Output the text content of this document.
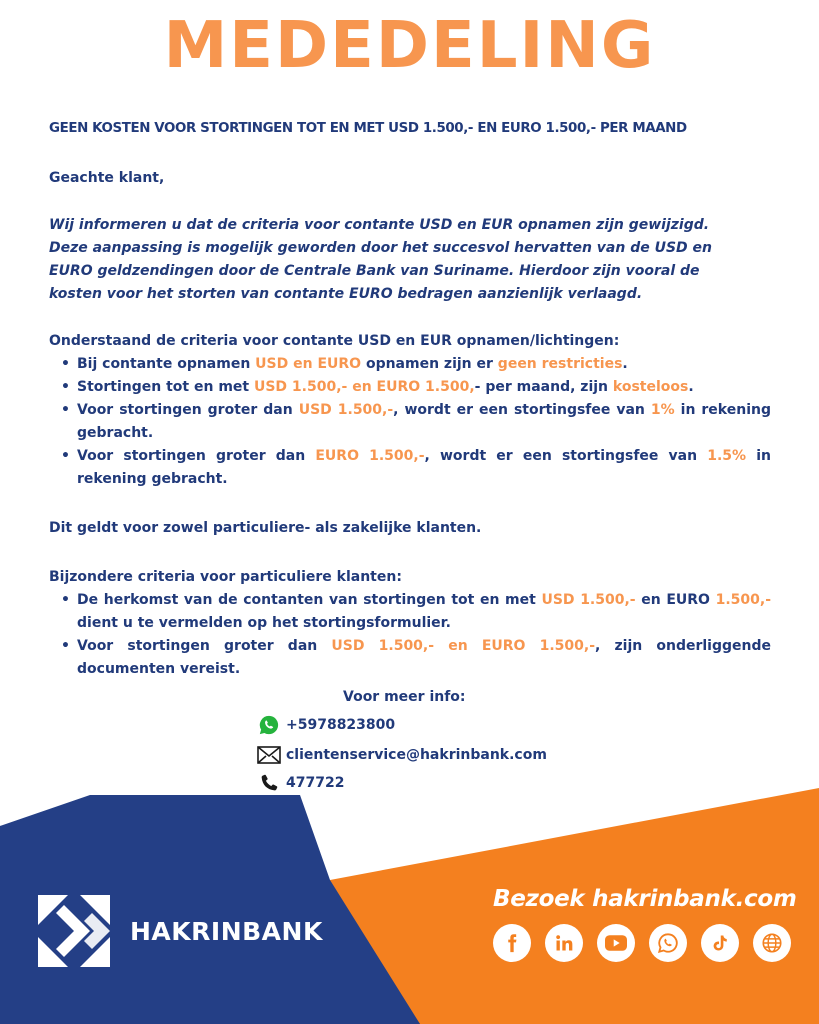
MEDEDELING
GEEN KOSTEN VOOR STORTINGEN TOT EN MET USD 1.500,- EN EURO 1.500,- PER MAAND
Geachte klant,
Wij informeren u dat de criteria voor contante USD en EUR opnamen zijn gewijzigd.
Deze aanpassing is mogelijk geworden door het succesvol hervatten van de USD en
EURO geldzendingen door de Centrale Bank van Suriname. Hierdoor zijn vooral de
kosten voor het storten van contante EURO bedragen aanzienlijk verlaagd.

Onderstaand de criteria voor contante USD en EUR opnamen/lichtingen:

• Bij contante opnamen USD en EURO opnamen zijn er geen restricties.
• Stortingen tot en met USD 1.500,- en EURO 1.500,- per maand, zijn kosteloos.
• Voor stortingen groter dan USD 1.500,-, wordt er een stortingsfee van 1% in rekening gebracht.
• Voor stortingen groter dan EURO 1.500,-, wordt er een stortingsfee van 1.5% in rekening gebracht.
Dit geldt voor zowel particuliere- als zakelijke klanten.

Bijzondere criteria voor particuliere klanten:

• De herkomst van de contanten van stortingen tot en met USD 1.500,- en EURO 1.500,- dient u te vermelden op het stortingsformulier.
• Voor stortingen groter dan USD 1.500,- en EURO 1.500,-, zijn onderliggende documenten vereist.
Voor meer info:
+5978823800
clientenservice@hakrinbank.com
477722
HAKRINBANK
Bezoek hakrinbank.com
